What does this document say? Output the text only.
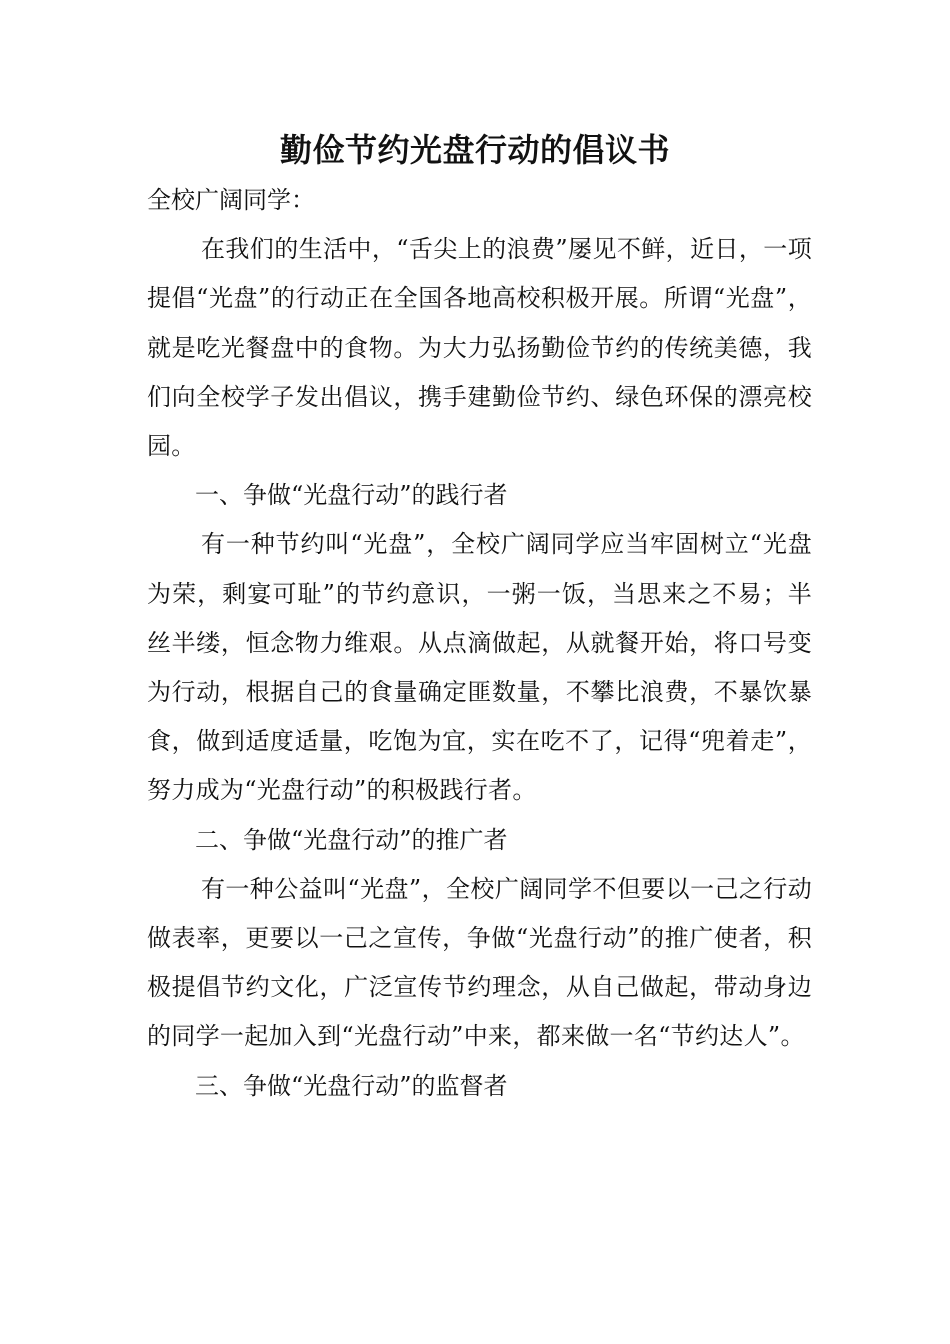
勤俭节约光盘行动的倡议书

全校广阔同学：

在我们的生活中，“舌尖上的浪费”屡见不鲜，近日，一项提倡“光盘”的行动正在全国各地高校积极开展。所谓“光盘”，就是吃光餐盘中的食物。为大力弘扬勤俭节约的传统美德，我们向全校学子发出倡议，携手建勤俭节约、绿色环保的漂亮校园。

一、争做“光盘行动”的践行者

有一种节约叫“光盘”，全校广阔同学应当牢固树立“光盘为荣，剩宴可耻”的节约意识，一粥一饭，当思来之不易；半丝半缕，恒念物力维艰。从点滴做起，从就餐开始，将口号变为行动，根据自己的食量确定匪数量，不攀比浪费，不暴饮暴食，做到适度适量，吃饱为宜，实在吃不了，记得“兜着走”，努力成为“光盘行动”的积极践行者。

二、争做“光盘行动”的推广者

有一种公益叫“光盘”，全校广阔同学不但要以一己之行动做表率，更要以一己之宣传，争做“光盘行动”的推广使者，积极提倡节约文化，广泛宣传节约理念，从自己做起，带动身边的同学一起加入到“光盘行动”中来，都来做一名“节约达人”。

三、争做“光盘行动”的监督者
